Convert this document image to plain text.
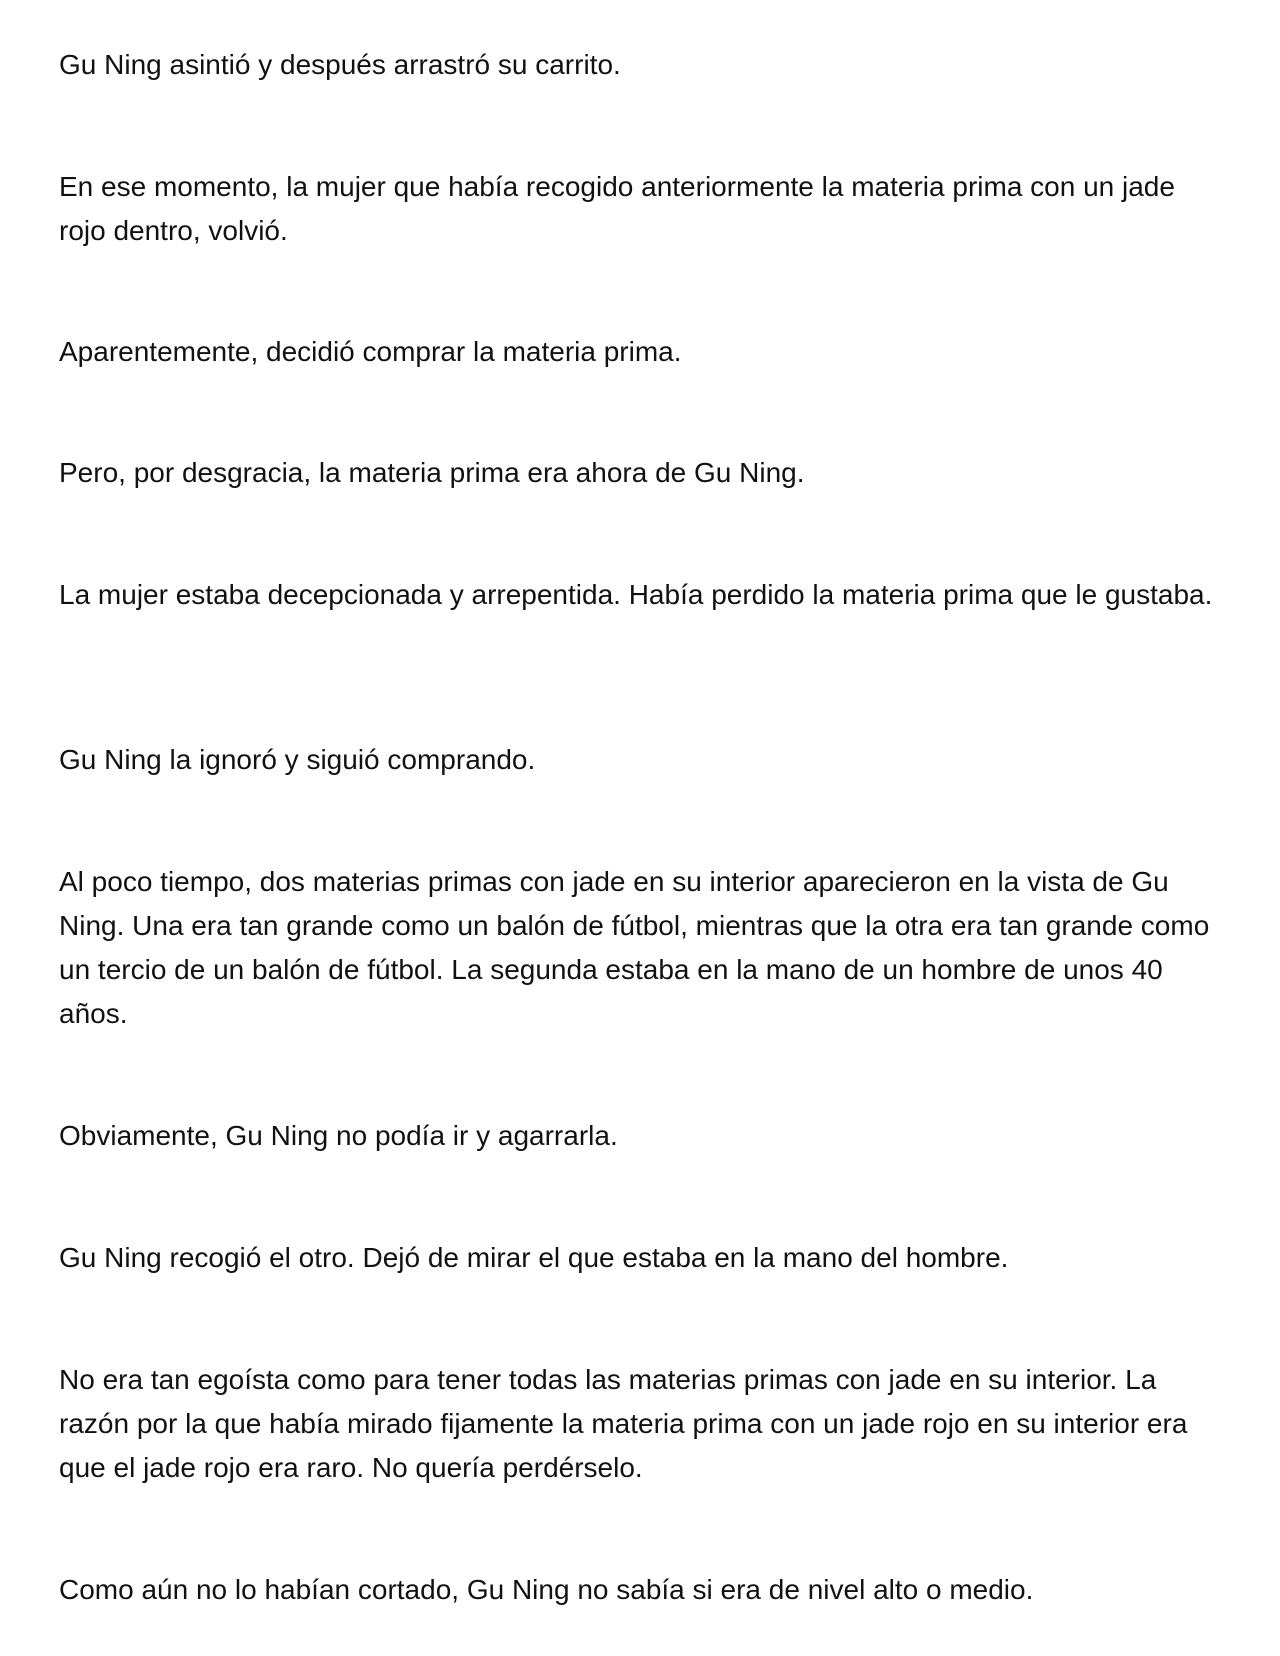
Gu Ning asintió y después arrastró su carrito.

En ese momento, la mujer que había recogido anteriormente la materia prima con un jade rojo dentro, volvió.

Aparentemente, decidió comprar la materia prima.

Pero, por desgracia, la materia prima era ahora de Gu Ning.

La mujer estaba decepcionada y arrepentida. Había perdido la materia prima que le gustaba.

Gu Ning la ignoró y siguió comprando.

Al poco tiempo, dos materias primas con jade en su interior aparecieron en la vista de Gu Ning. Una era tan grande como un balón de fútbol, mientras que la otra era tan grande como un tercio de un balón de fútbol. La segunda estaba en la mano de un hombre de unos 40 años.

Obviamente, Gu Ning no podía ir y agarrarla.

Gu Ning recogió el otro. Dejó de mirar el que estaba en la mano del hombre.

No era tan egoísta como para tener todas las materias primas con jade en su interior. La razón por la que había mirado fijamente la materia prima con un jade rojo en su interior era que el jade rojo era raro. No quería perdérselo.

Como aún no lo habían cortado, Gu Ning no sabía si era de nivel alto o medio.
